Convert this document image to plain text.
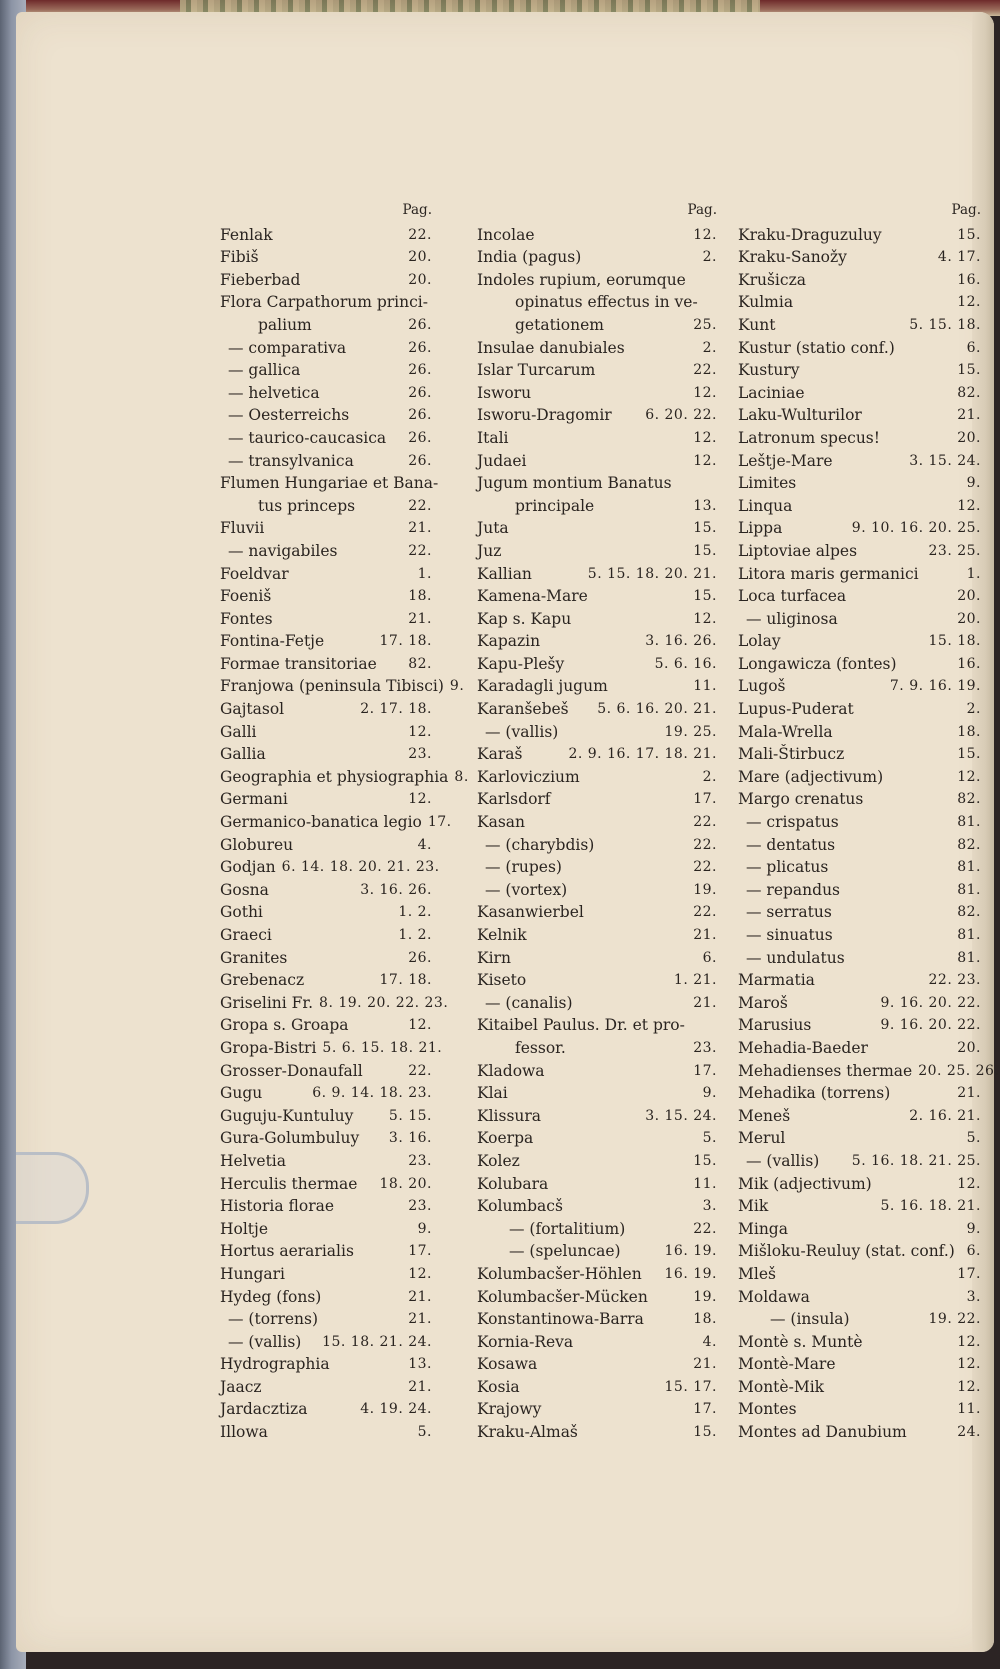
Pag.
Fenlak	22.
Fibiš	20.
Fieberbad	20.
Flora Carpathorum princi-
palium	26.
— comparativa	26.
— gallica	26.
— helvetica	26.
— Oesterreichs	26.
— taurico-caucasica	26.
— transylvanica	26.
Flumen Hungariae et Bana-
tus princeps	22.
Fluvii	21.
— navigabiles	22.
Foeldvar	1.
Foeniš	18.
Fontes	21.
Fontina-Fetje	17. 18.
Formae transitoriae	82.
Franjowa (peninsula Tibisci) 9.
Gajtasol	2. 17. 18.
Galli	12.
Gallia	23.
Geographia et physiographia 8.
Germani	12.
Germanico-banatica legio 17.
Globureu	4.
Godjan 6. 14. 18. 20. 21. 23.
Gosna	3. 16. 26.
Gothi	1. 2.
Graeci	1. 2.
Granites	26.
Grebenacz	17. 18.
Griselini Fr. 8. 19. 20. 22. 23.
Gropa s. Groapa	12.
Gropa-Bistri 5. 6. 15. 18. 21.
Grosser-Donaufall	22.
Gugu	6. 9. 14. 18. 23.
Guguju-Kuntuluy	5. 15.
Gura-Golumbuluy	3. 16.
Helvetia	23.
Herculis thermae	18. 20.
Historia florae	23.
Holtje	9.
Hortus aerarialis	17.
Hungari	12.
Hydeg (fons)	21.
— (torrens)	21.
— (vallis)	15. 18. 21. 24.
Hydrographia	13.
Jaacz	21.
Jardacztiza	4. 19. 24.
Illowa	5.
Pag.
Incolae	12.
India (pagus)	2.
Indoles rupium, eorumque
opinatus effectus in ve-
getationem	25.
Insulae danubiales	2.
Islar Turcarum	22.
Isworu	12.
Isworu-Dragomir	6. 20. 22.
Itali	12.
Judaei	12.
Jugum montium Banatus
principale	13.
Juta	15.
Juz	15.
Kallian	5. 15. 18. 20. 21.
Kamena-Mare	15.
Kap s. Kapu	12.
Kapazin	3. 16. 26.
Kapu-Plešy	5. 6. 16.
Karadagli jugum	11.
Karanšebeš	5. 6. 16. 20. 21.
— (vallis)	19. 25.
Karaš	2. 9. 16. 17. 18. 21.
Karloviczium	2.
Karlsdorf	17.
Kasan	22.
— (charybdis)	22.
— (rupes)	22.
— (vortex)	19.
Kasanwierbel	22.
Kelnik	21.
Kirn	6.
Kiseto	1. 21.
— (canalis)	21.
Kitaibel Paulus. Dr. et pro-
fessor.	23.
Kladowa	17.
Klai	9.
Klissura	3. 15. 24.
Koerpa	5.
Kolez	15.
Kolubara	11.
Kolumbacš	3.
— (fortalitium)	22.
— (speluncae)	16. 19.
Kolumbacšer-Höhlen	16. 19.
Kolumbacšer-Mücken	19.
Konstantinowa-Barra	18.
Kornia-Reva	4.
Kosawa	21.
Kosia	15. 17.
Krajowy	17.
Kraku-Almaš	15.
Pag.
Kraku-Draguzuluy	15.
Kraku-Sanožy	4. 17.
Krušicza	16.
Kulmia	12.
Kunt	5. 15. 18.
Kustur (statio conf.)	6.
Kustury	15.
Laciniae	82.
Laku-Wulturilor	21.
Latronum specus!	20.
Leštje-Mare	3. 15. 24.
Limites	9.
Linqua	12.
Lippa	9. 10. 16. 20. 25.
Liptoviae alpes	23. 25.
Litora maris germanici	1.
Loca turfacea	20.
— uliginosa	20.
Lolay	15. 18.
Longawicza (fontes)	16.
Lugoš	7. 9. 16. 19.
Lupus-Puderat	2.
Mala-Wrella	18.
Mali-Štirbucz	15.
Mare (adjectivum)	12.
Margo crenatus	82.
— crispatus	81.
— dentatus	82.
— plicatus	81.
— repandus	81.
— serratus	82.
— sinuatus	81.
— undulatus	81.
Marmatia	22. 23.
Maroš	9. 16. 20. 22.
Marusius	9. 16. 20. 22.
Mehadia-Baeder	20.
Mehadienses thermae 20. 25. 26.
Mehadika (torrens)	21.
Meneš	2. 16. 21.
Merul	5.
— (vallis)	5. 16. 18. 21. 25.
Mik (adjectivum)	12.
Mik	5. 16. 18. 21.
Minga	9.
Mišloku-Reuluy (stat. conf.) 6.
Mleš	17.
Moldawa	3.
— (insula)	19. 22.
Montè s. Muntè	12.
Montè-Mare	12.
Montè-Mik	12.
Montes	11.
Montes ad Danubium	24.
